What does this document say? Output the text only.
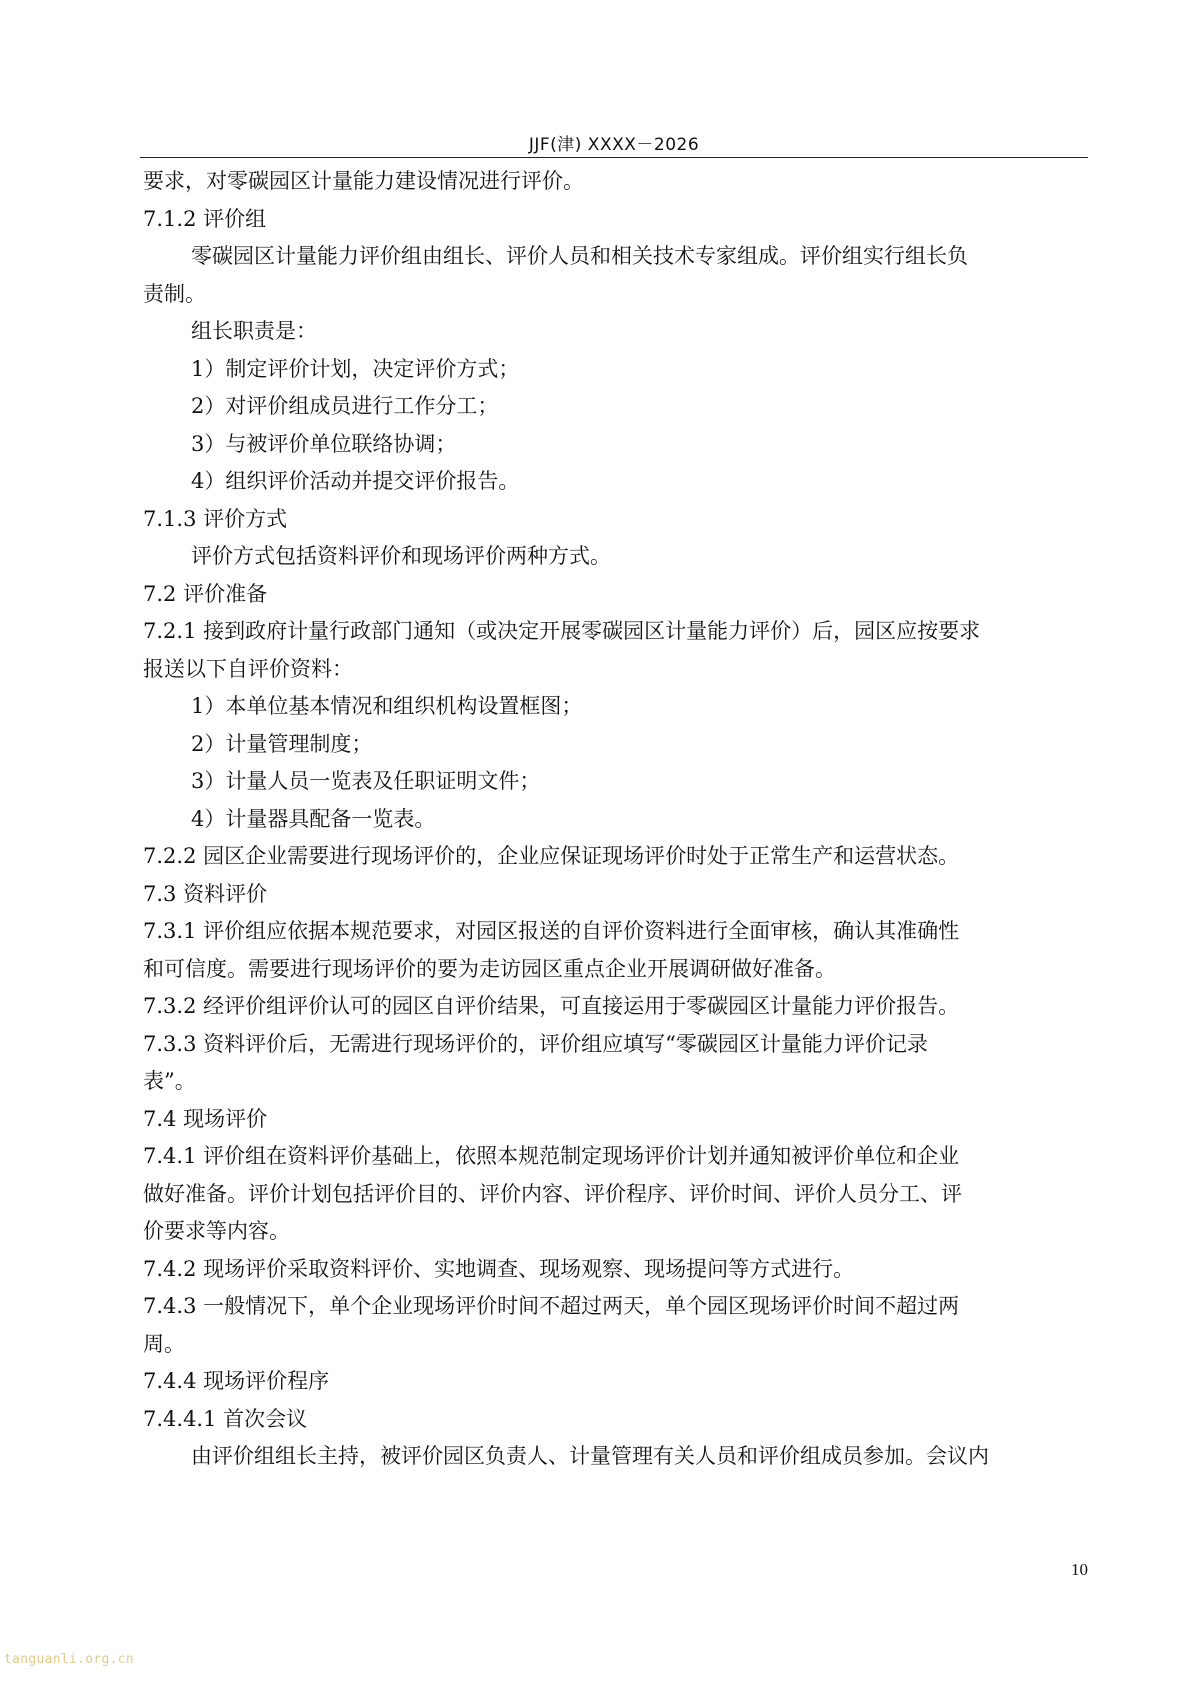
JJF(津) XXXX－2026
要求，对零碳园区计量能力建设情况进行评价。
7.1.2 评价组
零碳园区计量能力评价组由组长、评价人员和相关技术专家组成。评价组实行组长负
责制。
组长职责是：
1）制定评价计划，决定评价方式；
2）对评价组成员进行工作分工；
3）与被评价单位联络协调；
4）组织评价活动并提交评价报告。
7.1.3 评价方式
评价方式包括资料评价和现场评价两种方式。
7.2 评价准备
7.2.1 接到政府计量行政部门通知（或决定开展零碳园区计量能力评价）后，园区应按要求
报送以下自评价资料：
1）本单位基本情况和组织机构设置框图；
2）计量管理制度；
3）计量人员一览表及任职证明文件；
4）计量器具配备一览表。
7.2.2 园区企业需要进行现场评价的，企业应保证现场评价时处于正常生产和运营状态。
7.3 资料评价
7.3.1 评价组应依据本规范要求，对园区报送的自评价资料进行全面审核，确认其准确性
和可信度。需要进行现场评价的要为走访园区重点企业开展调研做好准备。
7.3.2 经评价组评价认可的园区自评价结果，可直接运用于零碳园区计量能力评价报告。
7.3.3 资料评价后，无需进行现场评价的，评价组应填写“零碳园区计量能力评价记录
表”。
7.4 现场评价
7.4.1 评价组在资料评价基础上，依照本规范制定现场评价计划并通知被评价单位和企业
做好准备。评价计划包括评价目的、评价内容、评价程序、评价时间、评价人员分工、评
价要求等内容。
7.4.2 现场评价采取资料评价、实地调查、现场观察、现场提问等方式进行。
7.4.3 一般情况下，单个企业现场评价时间不超过两天，单个园区现场评价时间不超过两
周。
7.4.4 现场评价程序
7.4.4.1 首次会议
由评价组组长主持，被评价园区负责人、计量管理有关人员和评价组成员参加。会议内
10
tanguanli.org.cn
